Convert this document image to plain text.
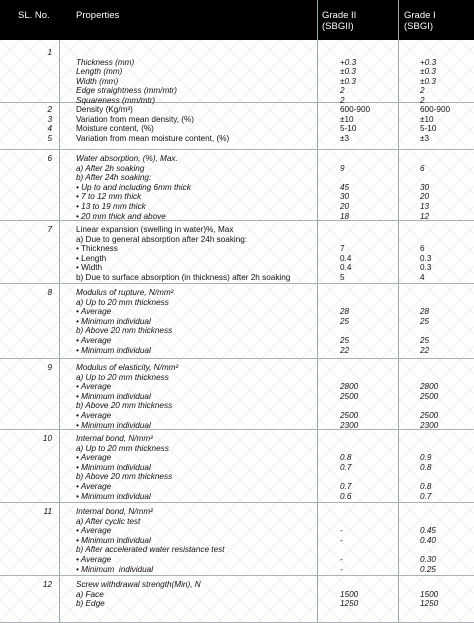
SL. No.	Properties	Grade II
(SBGII)
Grade I
(SBGI)
1
Thickness (mm)	+0.3	+0.3
Length (mm)	±0.3	±0.3
Width (mm)	±0.3	±0.3
Edge straightness (mm/mtr)	2	2
Squareness (mm/mtr)	2	2
2	Density (Kg/m³)	600-900	600-900
3	Variation from mean density, (%)	±10	±10
4	Moisture content, (%)	5-10	5-10
5	Variation from mean moisture content, (%)	±3	±3
6	Water absorption, (%), Max.
a) After 2h soaking	9	6
b) After 24h soaking:
• Up to and including 6mm thick	45	30
• 7 to 12 mm thick	30	20
• 13 to 19 mm thick	20	13
• 20 mm thick and above	18	12
7	Linear expansion (swelling in water)%, Max
a) Due to general absorption after 24h soaking:
• Thickness	7	6
• Length	0.4	0.3
• Width	0.4	0.3
b) Due to surface absorption (in thickness) after 2h soaking	5	4
8	Modulus of rupture, N/mm²
a) Up to 20 mm thickness
• Average	28	28
• Minimum individual	25	25
b) Above 20 mm thickness
• Average	25	25
• Minimum individual	22	22
9	Modulus of elasticity, N/mm²
a) Up to 20 mm thickness
• Average	2800	2800
• Minimum individual	2500	2500
b) Above 20 mm thickness
• Average	2500	2500
• Minimum individual	2300	2300
10	Internal bond, N/mm²
a) Up to 20 mm thickness
• Average	0.8	0.9
• Minimum individual	0.7	0.8
b) Above 20 mm thickness
• Average	0.7	0.8
• Minimum individual	0.6	0.7
11	Internal bond, N/mm²
a) After cyclic test
• Average	-	0.45
• Minimum individual	-	0.40
b) After accelerated water resistance test
• Average	-	0.30
• Minimum  individual	-	0.25
12	Screw withdrawal strength(Min), N
a) Face	1500	1500
b) Edge	1250	1250
